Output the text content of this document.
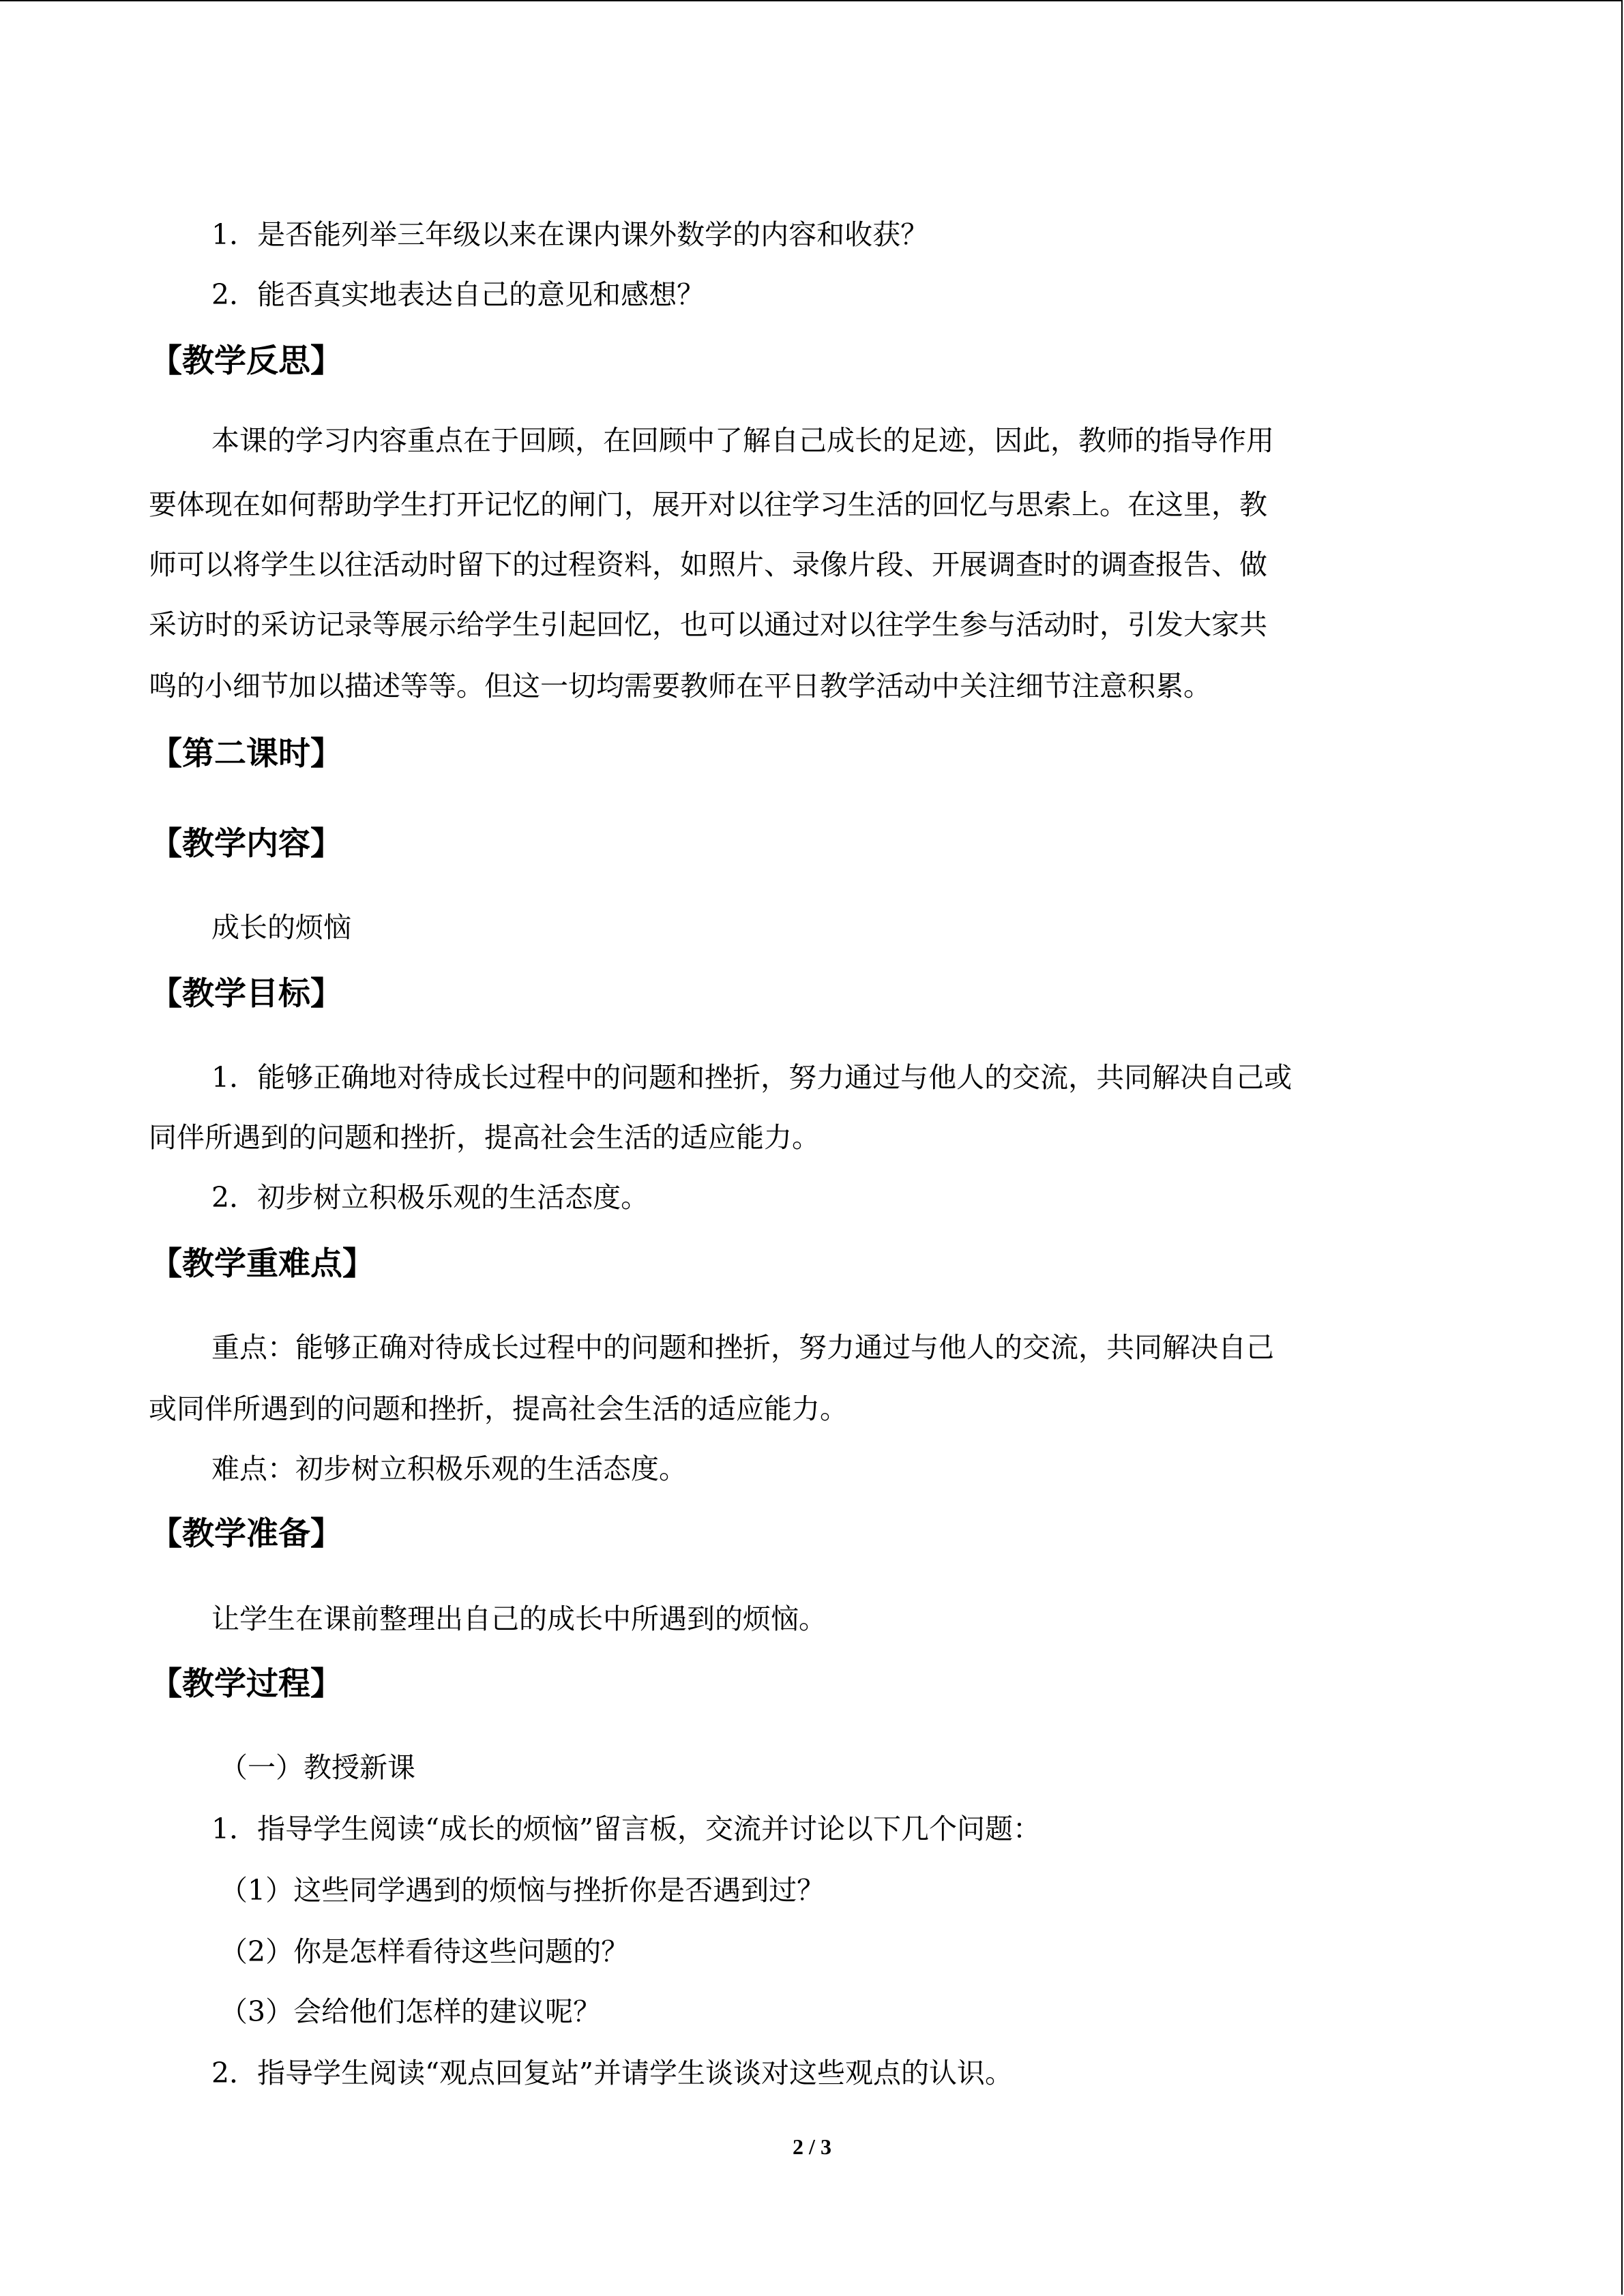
1．是否能列举三年级以来在课内课外数学的内容和收获？
2．能否真实地表达自己的意见和感想？
【教学反思】
本课的学习内容重点在于回顾，在回顾中了解自己成长的足迹，因此，教师的指导作用
要体现在如何帮助学生打开记忆的闸门，展开对以往学习生活的回忆与思索上。在这里，教
师可以将学生以往活动时留下的过程资料，如照片、录像片段、开展调查时的调查报告、做
采访时的采访记录等展示给学生引起回忆，也可以通过对以往学生参与活动时，引发大家共
鸣的小细节加以描述等等。但这一切均需要教师在平日教学活动中关注细节注意积累。
【第二课时】
【教学内容】
成长的烦恼
【教学目标】
1．能够正确地对待成长过程中的问题和挫折，努力通过与他人的交流，共同解决自己或
同伴所遇到的问题和挫折，提高社会生活的适应能力。
2．初步树立积极乐观的生活态度。
【教学重难点】
重点：能够正确对待成长过程中的问题和挫折，努力通过与他人的交流，共同解决自己
或同伴所遇到的问题和挫折，提高社会生活的适应能力。
难点：初步树立积极乐观的生活态度。
【教学准备】
让学生在课前整理出自己的成长中所遇到的烦恼。
【教学过程】
（一）教授新课
1．指导学生阅读“成长的烦恼”留言板，交流并讨论以下几个问题：
（1）这些同学遇到的烦恼与挫折你是否遇到过？
（2）你是怎样看待这些问题的？
（3）会给他们怎样的建议呢？
2．指导学生阅读“观点回复站”并请学生谈谈对这些观点的认识。
2 / 3
